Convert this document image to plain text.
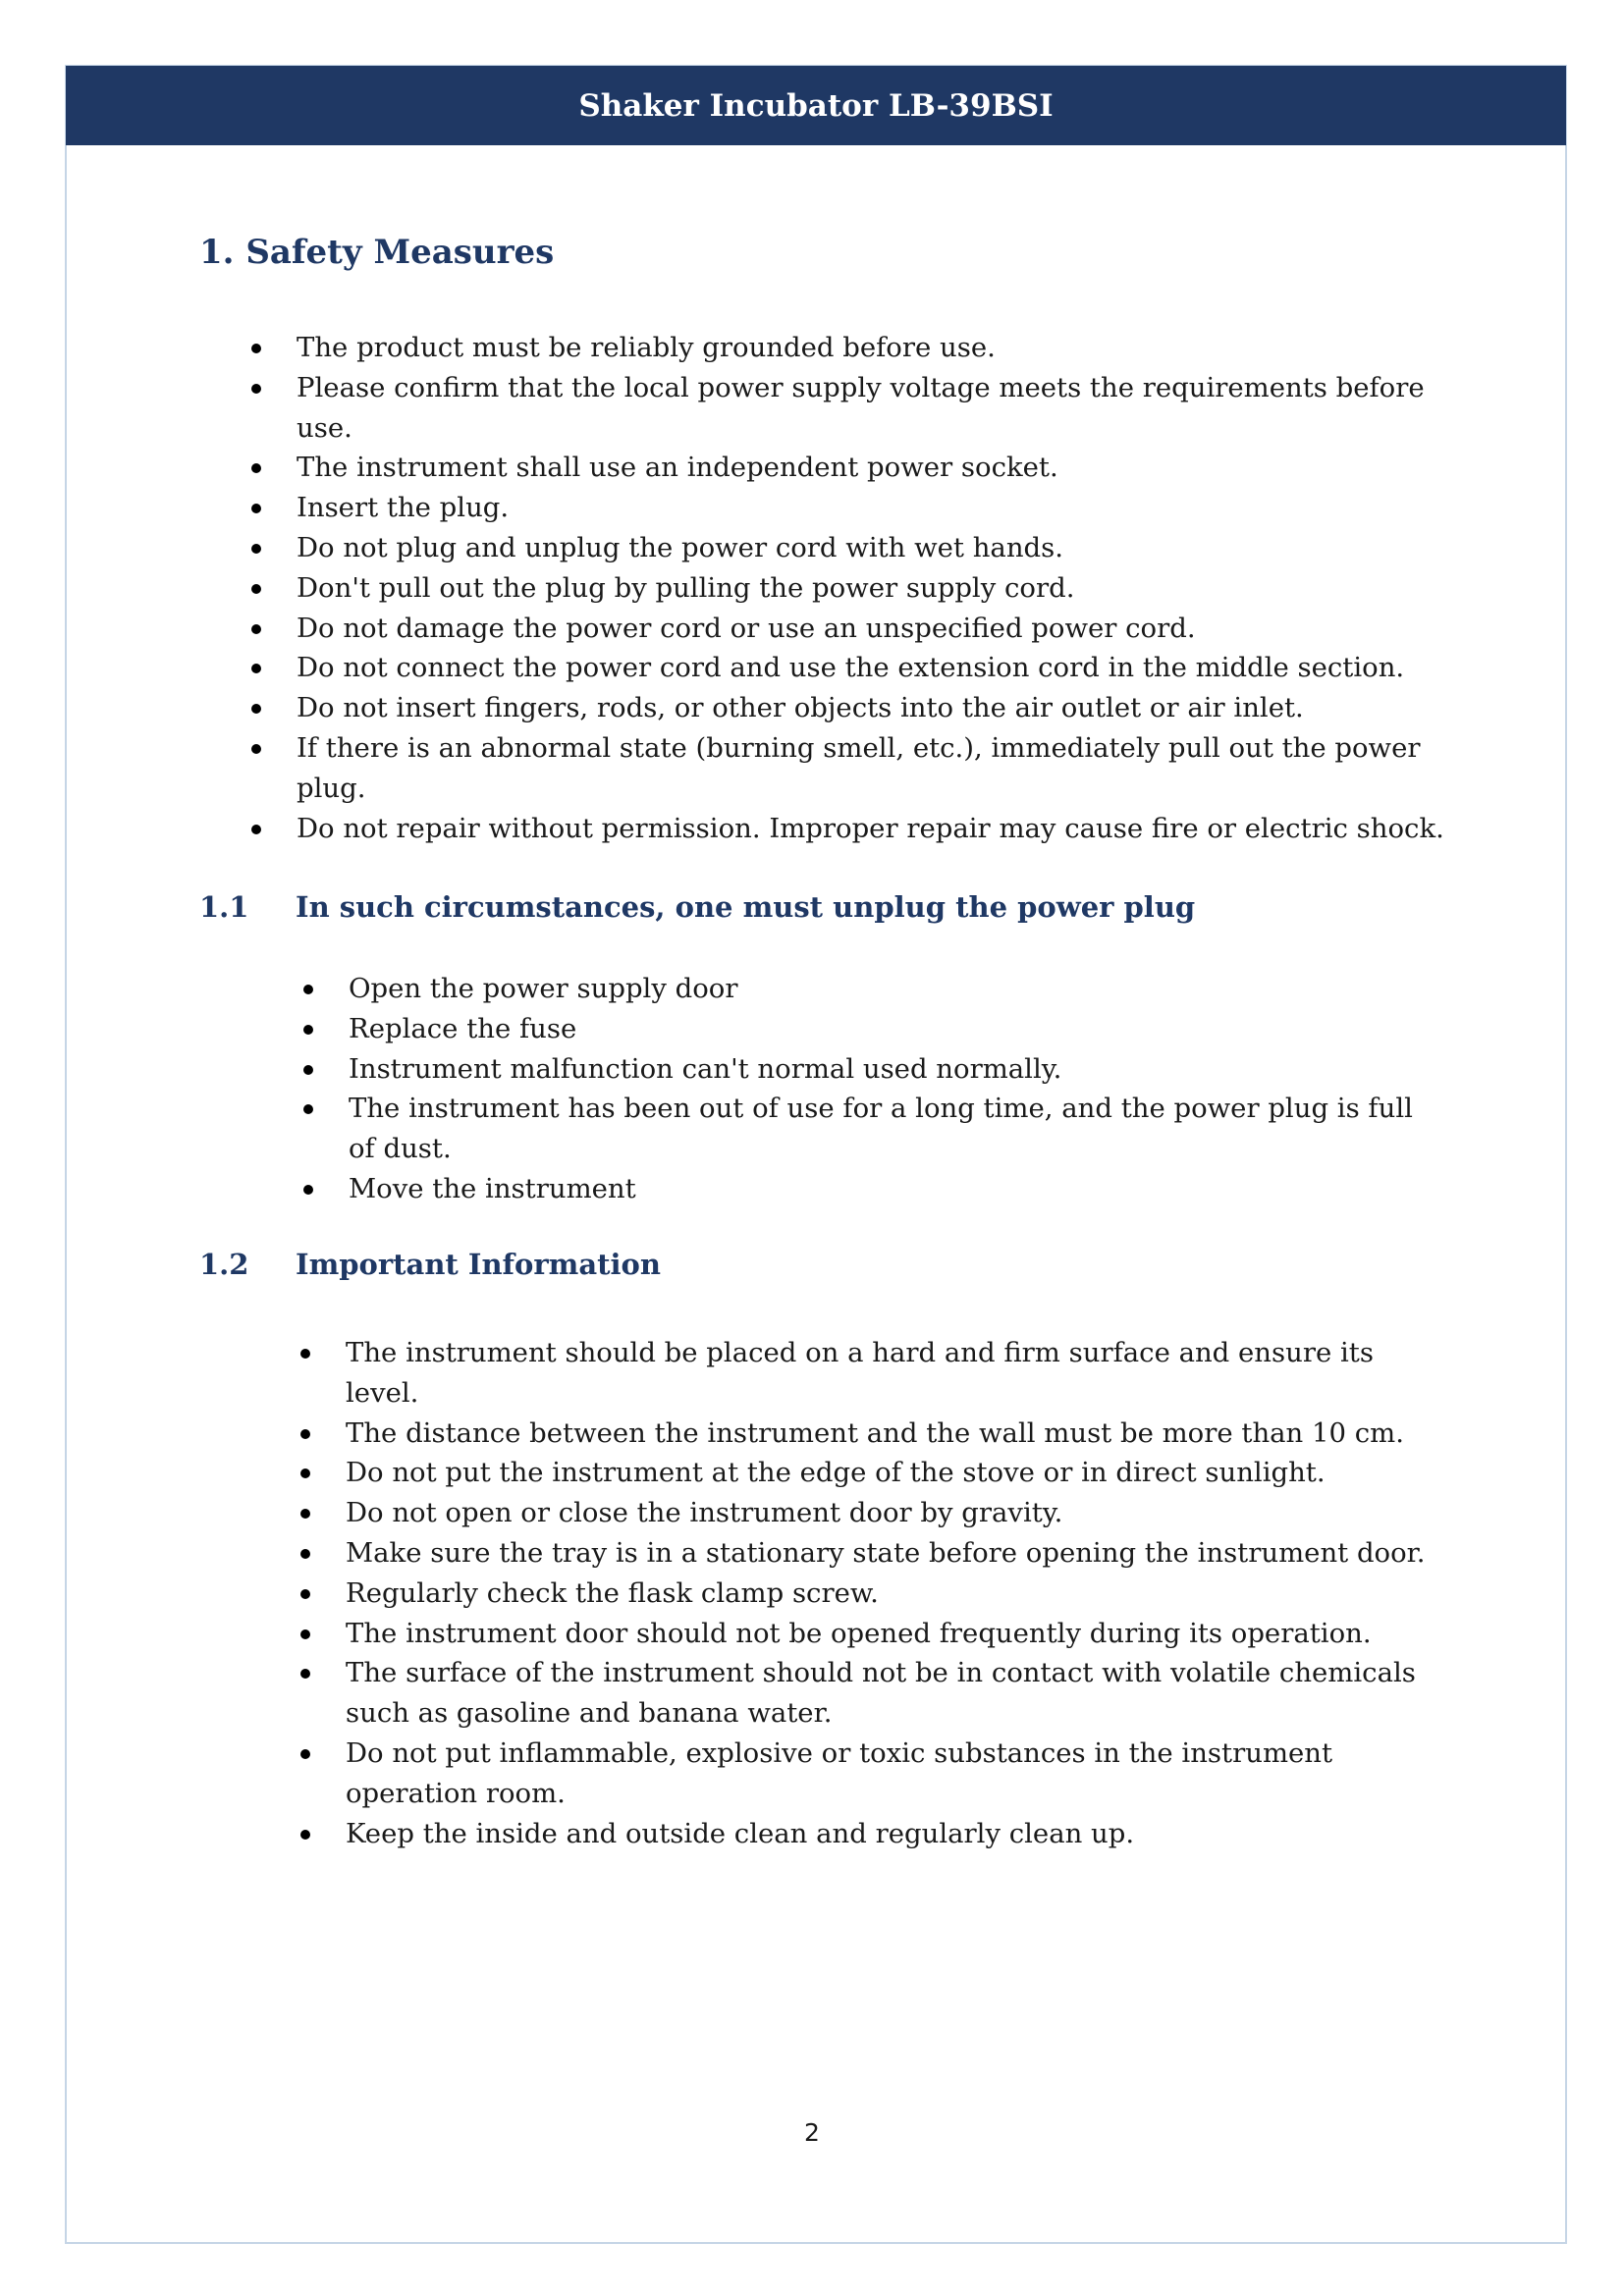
Shaker Incubator LB-39BSI
1. Safety Measures
The product must be reliably grounded before use.
Please confirm that the local power supply voltage meets the requirements before use.
The instrument shall use an independent power socket.
Insert the plug.
Do not plug and unplug the power cord with wet hands.
Don't pull out the plug by pulling the power supply cord.
Do not damage the power cord or use an unspecified power cord.
Do not connect the power cord and use the extension cord in the middle section.
Do not insert fingers, rods, or other objects into the air outlet or air inlet.
If there is an abnormal state (burning smell, etc.), immediately pull out the power plug.
Do not repair without permission. Improper repair may cause fire or electric shock.
1.1 In such circumstances, one must unplug the power plug
Open the power supply door
Replace the fuse
Instrument malfunction can't normal used normally.
The instrument has been out of use for a long time, and the power plug is full of dust.
Move the instrument
1.2 Important Information
The instrument should be placed on a hard and firm surface and ensure its level.
The distance between the instrument and the wall must be more than 10 cm.
Do not put the instrument at the edge of the stove or in direct sunlight.
Do not open or close the instrument door by gravity.
Make sure the tray is in a stationary state before opening the instrument door.
Regularly check the flask clamp screw.
The instrument door should not be opened frequently during its operation.
The surface of the instrument should not be in contact with volatile chemicals such as gasoline and banana water.
Do not put inflammable, explosive or toxic substances in the instrument operation room.
Keep the inside and outside clean and regularly clean up.
2
